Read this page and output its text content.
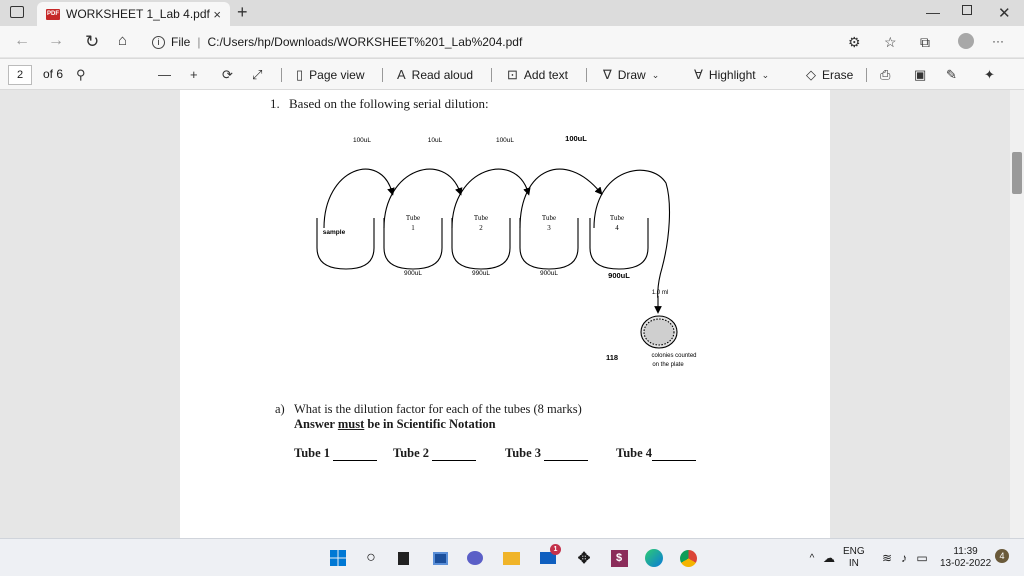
PDF WORKSHEET 1_Lab 4.pdf × +	—	✕
← → ↻ ⌂	i File | C:/Users/hp/Downloads/WORKSHEET%201_Lab%204.pdf	⚙ ☆ ⧉	···
2	of 6 ⚲	— + ⟳ ⤢	▯ Page view A Read aloud	⊡ Add text	∇ Draw ⌄	∀ Highlight ⌄	◇ Erase ⎙ ▣ ✎ ✦
1. Based on the following serial dilution:
100uL	10uL	100uL	100uL
sample
Tube
1
Tube
2
Tube
3
Tube
4
900uL	990uL	900uL	900uL
1.0 ml
118	colonies counted
on the plate
a) What is the dilution factor for each of the tubes (8 marks)
Answer must be in Scientific Notation
Tube 1	Tube 2	Tube 3	Tube 4
○	1
✥	$	^ ☁ ENG
IN	≋ ♪ ▭	11:39
13-02-2022
4
